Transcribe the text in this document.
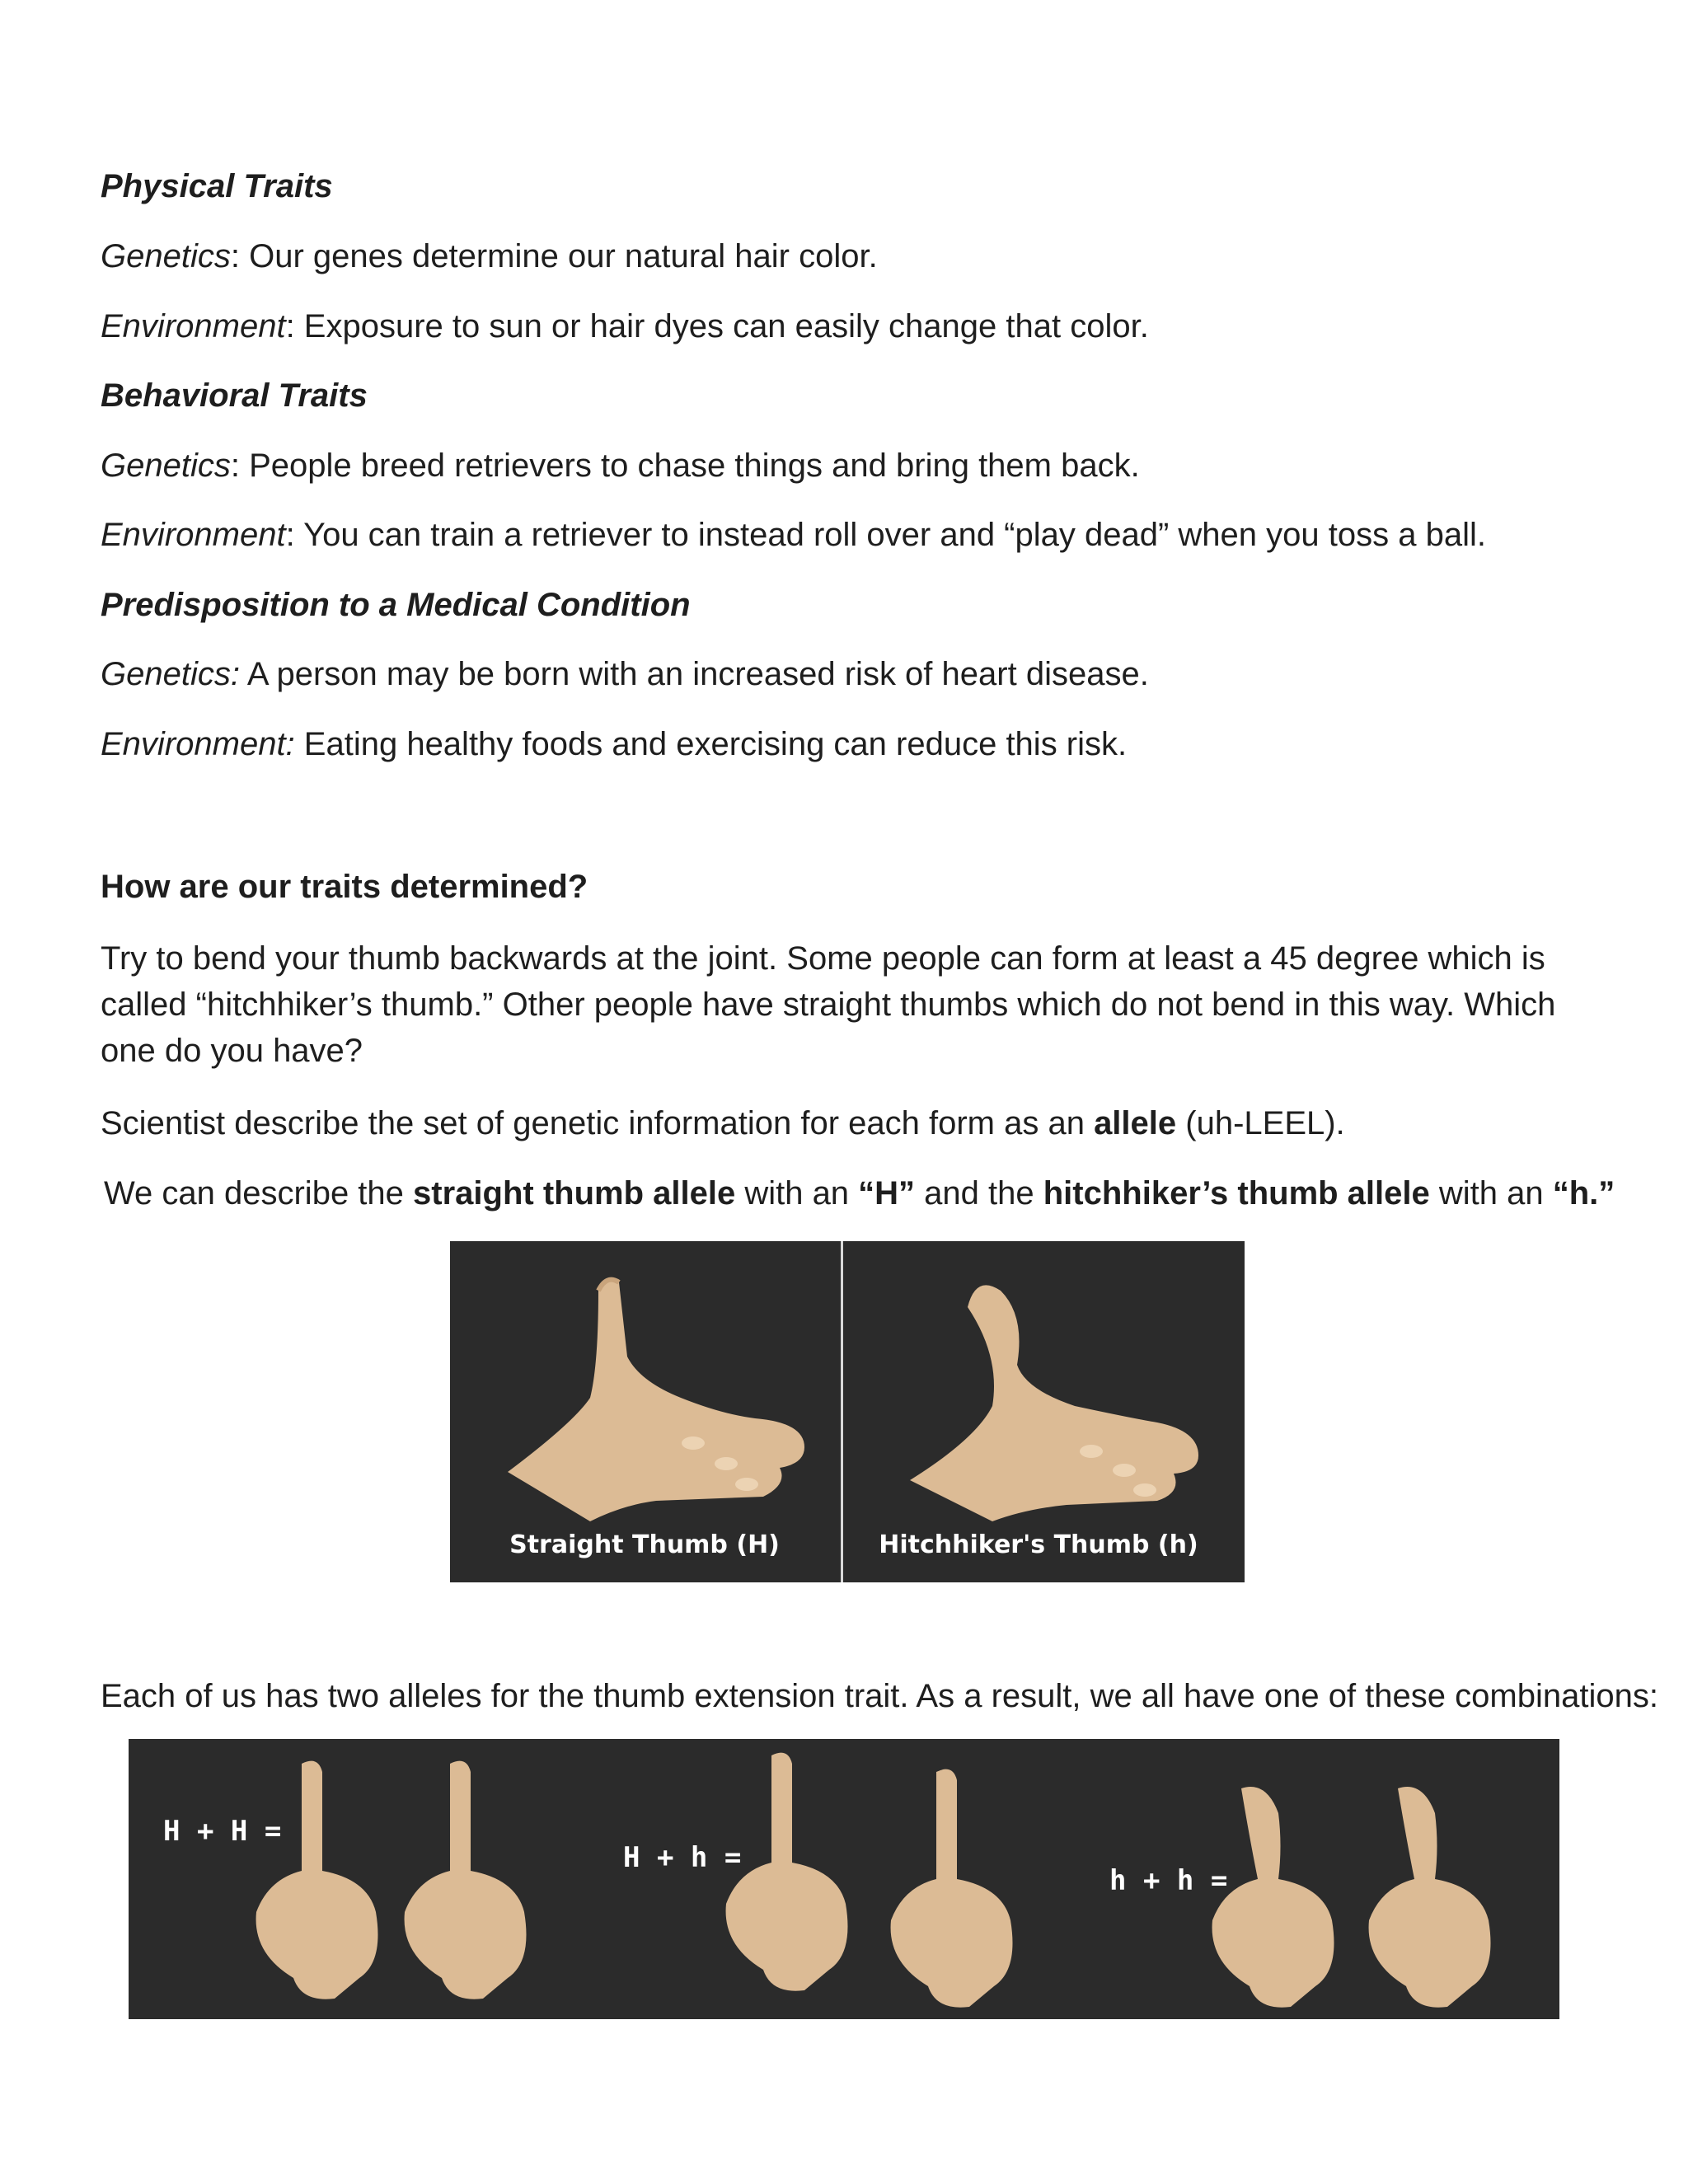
Physical Traits

Genetics: Our genes determine our natural hair color.

Environment: Exposure to sun or hair dyes can easily change that color.

Behavioral Traits

Genetics: People breed retrievers to chase things and bring them back.

Environment: You can train a retriever to instead roll over and “play dead” when you toss a ball.

Predisposition to a Medical Condition

Genetics: A person may be born with an increased risk of heart disease.

Environment: Eating healthy foods and exercising can reduce this risk.

How are our traits determined?

Try to bend your thumb backwards at the joint. Some people can form at least a 45 degree which is called “hitchhiker’s thumb.” Other people have straight thumbs which do not bend in this way. Which one do you have?

Scientist describe the set of genetic information for each form as an allele (uh-LEEL).

We can describe the straight thumb allele with an “H” and the hitchhiker’s thumb allele with an “h.”

Straight Thumb (H)	Hitchhiker's Thumb (h)

Each of us has two alleles for the thumb extension trait. As a result, we all have one of these combinations:

H + H =
H + h =
h + h =
